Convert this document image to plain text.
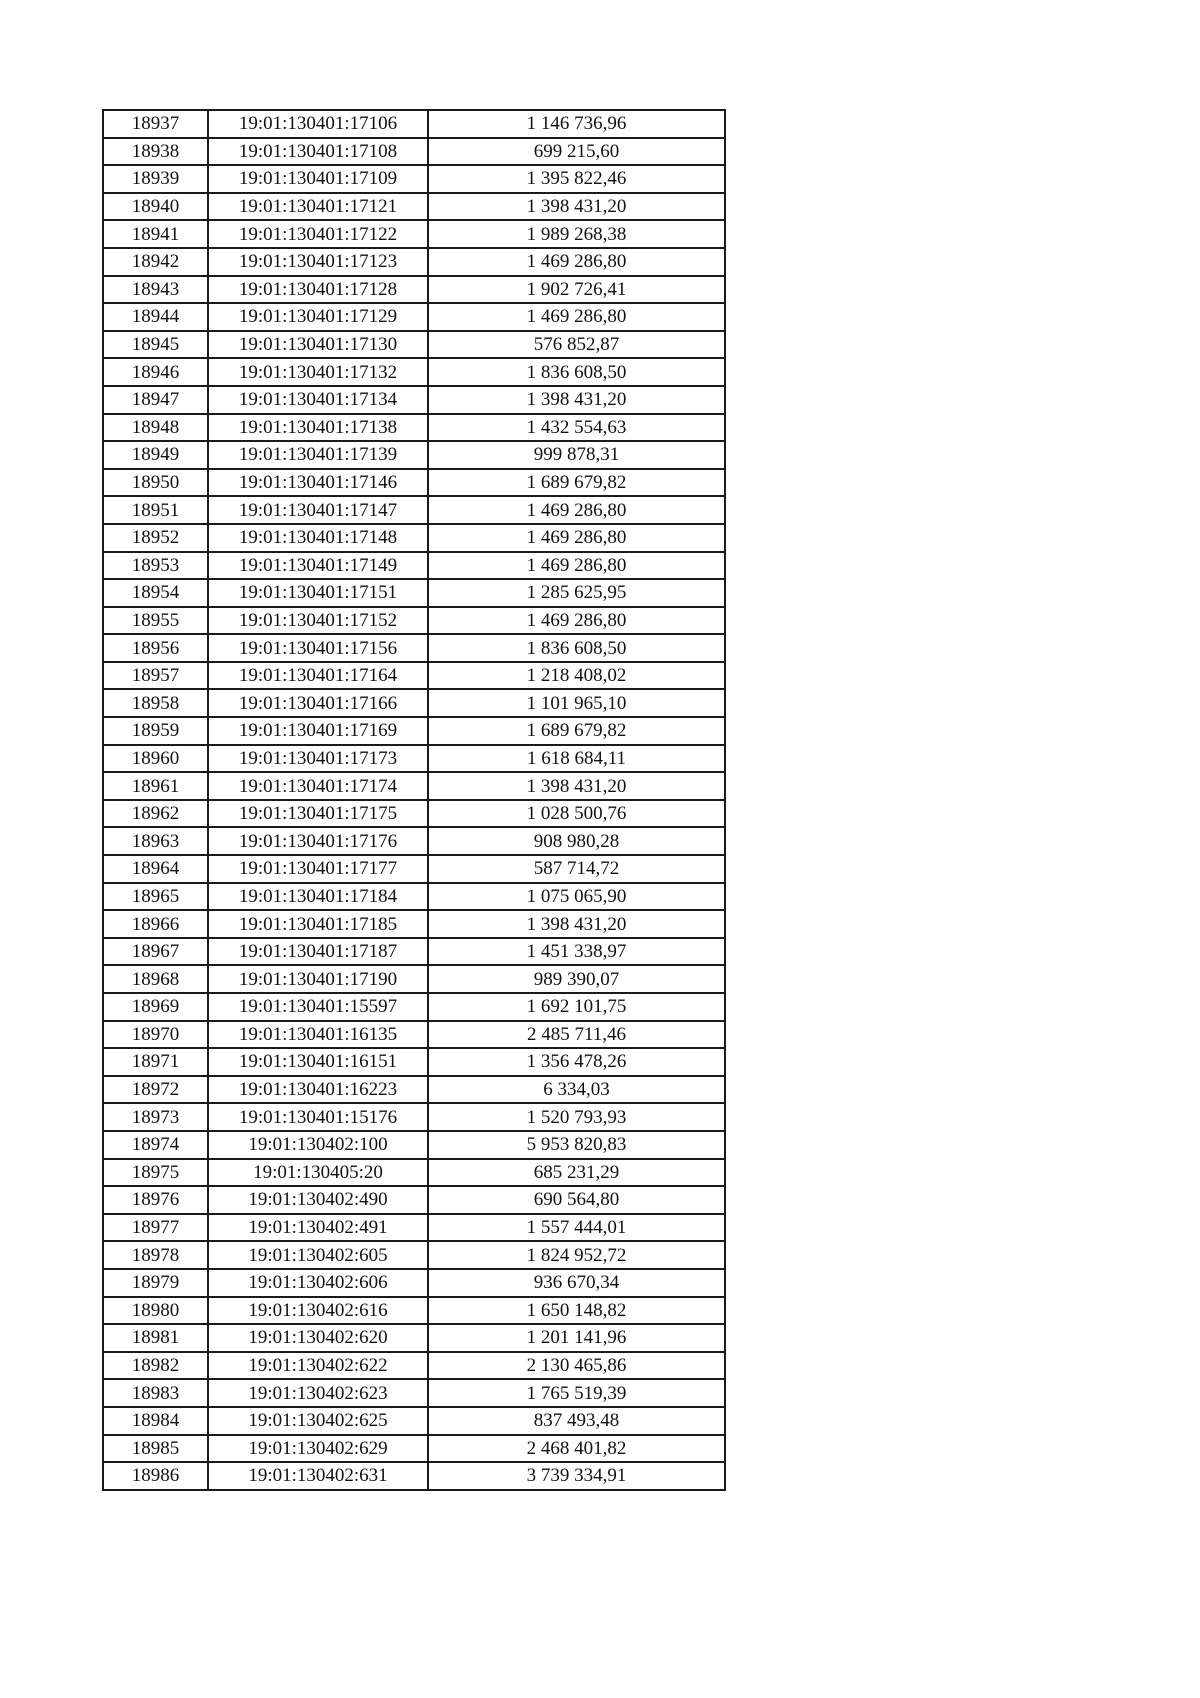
18937	19:01:130401:17106	1 146 736,96
18938	19:01:130401:17108	699 215,60
18939	19:01:130401:17109	1 395 822,46
18940	19:01:130401:17121	1 398 431,20
18941	19:01:130401:17122	1 989 268,38
18942	19:01:130401:17123	1 469 286,80
18943	19:01:130401:17128	1 902 726,41
18944	19:01:130401:17129	1 469 286,80
18945	19:01:130401:17130	576 852,87
18946	19:01:130401:17132	1 836 608,50
18947	19:01:130401:17134	1 398 431,20
18948	19:01:130401:17138	1 432 554,63
18949	19:01:130401:17139	999 878,31
18950	19:01:130401:17146	1 689 679,82
18951	19:01:130401:17147	1 469 286,80
18952	19:01:130401:17148	1 469 286,80
18953	19:01:130401:17149	1 469 286,80
18954	19:01:130401:17151	1 285 625,95
18955	19:01:130401:17152	1 469 286,80
18956	19:01:130401:17156	1 836 608,50
18957	19:01:130401:17164	1 218 408,02
18958	19:01:130401:17166	1 101 965,10
18959	19:01:130401:17169	1 689 679,82
18960	19:01:130401:17173	1 618 684,11
18961	19:01:130401:17174	1 398 431,20
18962	19:01:130401:17175	1 028 500,76
18963	19:01:130401:17176	908 980,28
18964	19:01:130401:17177	587 714,72
18965	19:01:130401:17184	1 075 065,90
18966	19:01:130401:17185	1 398 431,20
18967	19:01:130401:17187	1 451 338,97
18968	19:01:130401:17190	989 390,07
18969	19:01:130401:15597	1 692 101,75
18970	19:01:130401:16135	2 485 711,46
18971	19:01:130401:16151	1 356 478,26
18972	19:01:130401:16223	6 334,03
18973	19:01:130401:15176	1 520 793,93
18974	19:01:130402:100	5 953 820,83
18975	19:01:130405:20	685 231,29
18976	19:01:130402:490	690 564,80
18977	19:01:130402:491	1 557 444,01
18978	19:01:130402:605	1 824 952,72
18979	19:01:130402:606	936 670,34
18980	19:01:130402:616	1 650 148,82
18981	19:01:130402:620	1 201 141,96
18982	19:01:130402:622	2 130 465,86
18983	19:01:130402:623	1 765 519,39
18984	19:01:130402:625	837 493,48
18985	19:01:130402:629	2 468 401,82
18986	19:01:130402:631	3 739 334,91
